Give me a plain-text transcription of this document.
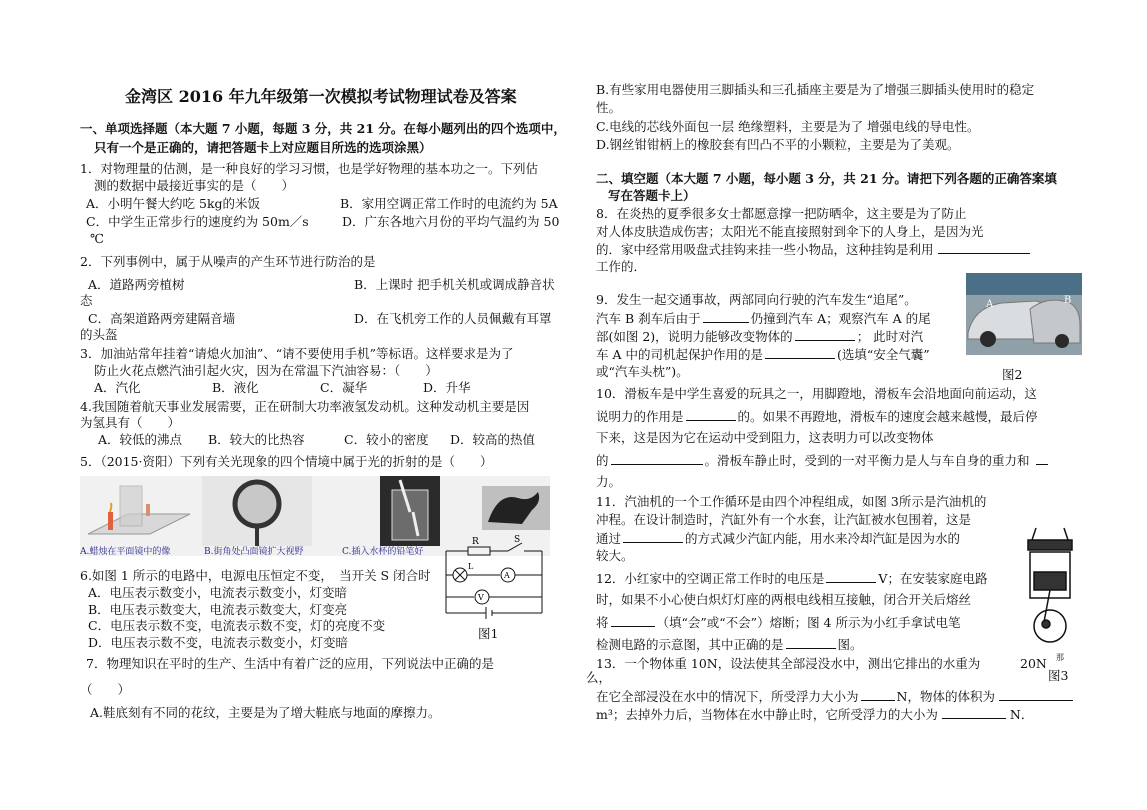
金湾区 2016 年九年级第一次模拟考试物理试卷及答案
一、单项选择题（本大题 7 小题，每题 3 分，共 21 分。在每小题列出的四个选项中，
只有一个是正确的，请把答题卡上对应题目所选的选项涂黑）
1．对物理量的估测，是一种良好的学习习惯，也是学好物理的基本功之一。下列估
测的数据中最接近事实的是（　　）
A．小明午餐大约吃 5kg的米饭	B．家用空调正常工作时的电流约为 5A
C．中学生正常步行的速度约为 50m／s	D．广东各地六月份的平均气温约为 50
℃
2．下列事例中，属于从噪声的产生环节进行防治的是
A．道路两旁植树	B．上课时 把手机关机或调成静音状
态
C．高架道路两旁建隔音墙	D．在飞机旁工作的人员佩戴有耳罩
的头盔
3．加油站常年挂着“请熄火加油”、“请不要使用手机”等标语。这样要求是为了
防止火花点燃汽油引起火灾，因为在常温下汽油容易：（　　）
A．汽化	B．液化	C．凝华	D．升华
4.我国随着航天事业发展需要，正在研制大功率液氢发动机。这种发动机主要是因
为氢具有（　　）
A．较低的沸点 B．较大的比热容	C．较小的密度 D．较高的热值
5．（2015·资阳）下列有关光现象的四个情境中属于光的折射的是（　　）
A.蜡烛在平面镜中的像	B.街角处凸面镜扩大视野	C.插入水杯的铅笔好
R	S
L
A
V
图1
6.如图 1 所示的电路中，电源电压恒定不变，　当开关 S 闭合时
A．电压表示数变小，电流表示数变小，灯变暗
B．电压表示数变大，电流表示数变大，灯变亮
C．电压表示数不变，电流表示数不变，灯的亮度不变
D．电压表示数不变，电流表示数变小，灯变暗
7．物理知识在平时的生产、生活中有着广泛的应用，下列说法中正确的是
（　　）
A.鞋底刻有不同的花纹，主要是为了增大鞋底与地面的摩擦力。
B.有些家用电器使用三脚插头和三孔插座主要是为了增强三脚插头使用时的稳定
性。
C.电线的芯线外面包一层 绝缘塑料，主要是为了 增强电线的导电性。
D.钢丝钳钳柄上的橡胶套有凹凸不平的小颗粒，主要是为了美观。
二、填空题（本大题 7 小题，每小题 3 分，共 21 分。请把下列各题的正确答案填
写在答题卡上）
8．在炎热的夏季很多女士都愿意撑一把防晒伞，这主要是为了防止
对人体皮肤造成伤害；太阳光不能直接照射到伞下的人身上，是因为光
的．家中经常用吸盘式挂钩来挂一些小物品，这种挂钩是利用
工作的．
A	B
图2
9．发生一起交通事故，两部同向行驶的汽车发生“追尾”。
汽车 B 刹车后由于	仍撞到汽车 A；观察汽车 A 的尾
部(如图 2)，说明力能够改变物体的	； 此时对汽
车 A 中的司机起保护作用的是	(选填“安全气囊”
或“汽车头枕”)。
10．滑板车是中学生喜爱的玩具之一，用脚蹬地，滑板车会沿地面向前运动，这
说明力的作用是	的。如果不再蹬地，滑板车的速度会越来越慢，最后停
下来，这是因为它在运动中受到阻力，这表明力可以改变物体
的	。滑板车静止时，受到的一对平衡力是人与车自身的重力和
力。
11．汽油机的一个工作循环是由四个冲程组成，如图 3所示是汽油机的
冲程。在设计制造时，汽缸外有一个水套，让汽缸被水包围着，这是
通过	的方式减少汽缸内能，用水来冷却汽缸是因为水的
较大。
12．小红家中的空调正常工作时的电压是	V；在安装家庭电路
时，如果不小心使白炽灯灯座的两根电线相互接触，闭合开关后熔丝
将	（填“会”或“不会”）熔断；图 4 所示为小红手拿试电笔
检测电路的示意图，其中正确的是	图。
13．一个物体重 10N，设法使其全部浸没水中，测出它排出的水重为	20N 那
图3
么，
在它全部浸没在水中的情况下，所受浮力大小为	N，物体的体积为
m³；去掉外力后，当物体在水中静止时，它所受浮力的大小为	N．
